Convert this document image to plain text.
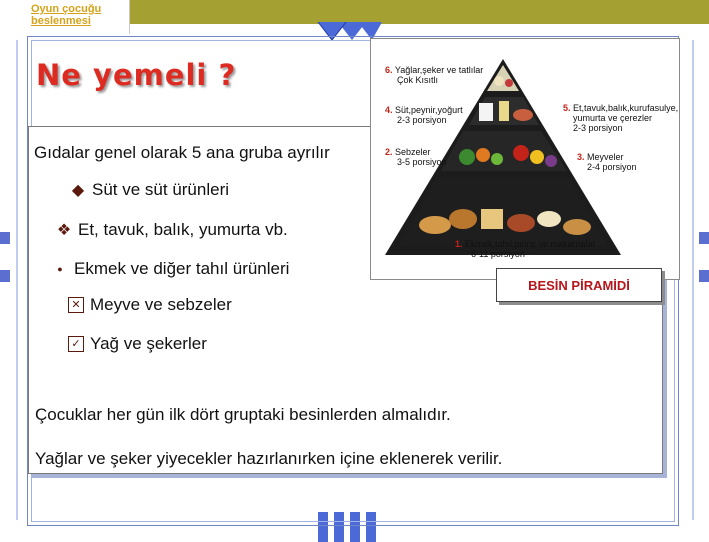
Oyun çocuğu beslenmesi
Ne yemeli ?
Gıdalar genel olarak 5 ana gruba ayrılır
◆ Süt ve süt ürünleri
❖ Et, tavuk, balık, yumurta vb.
● Ekmek ve diğer tahıl ürünleri
✕ Meyve ve sebzeler
✓ Yağ ve şekerler
Çocuklar her gün ilk dört gruptaki besinlerden almalıdır.
Yağlar ve şeker yiyecekler hazırlanırken içine eklenerek verilir.
6. Yağlar,şeker ve tatlılar
Çok Kısıtlı
4. Süt,peynir,yoğurt
2-3 porsiyon
5. Et,tavuk,balık,kurufasulye,
yumurta ve çerezler
2-3 porsiyon
2. Sebzeler
3-5 porsiyon	3. Meyveler
2-4 porsiyon
1. Ekmek,tahıl,pirinç ve makarnalar
6-11 porsiyon
BESİN PİRAMİDİ
